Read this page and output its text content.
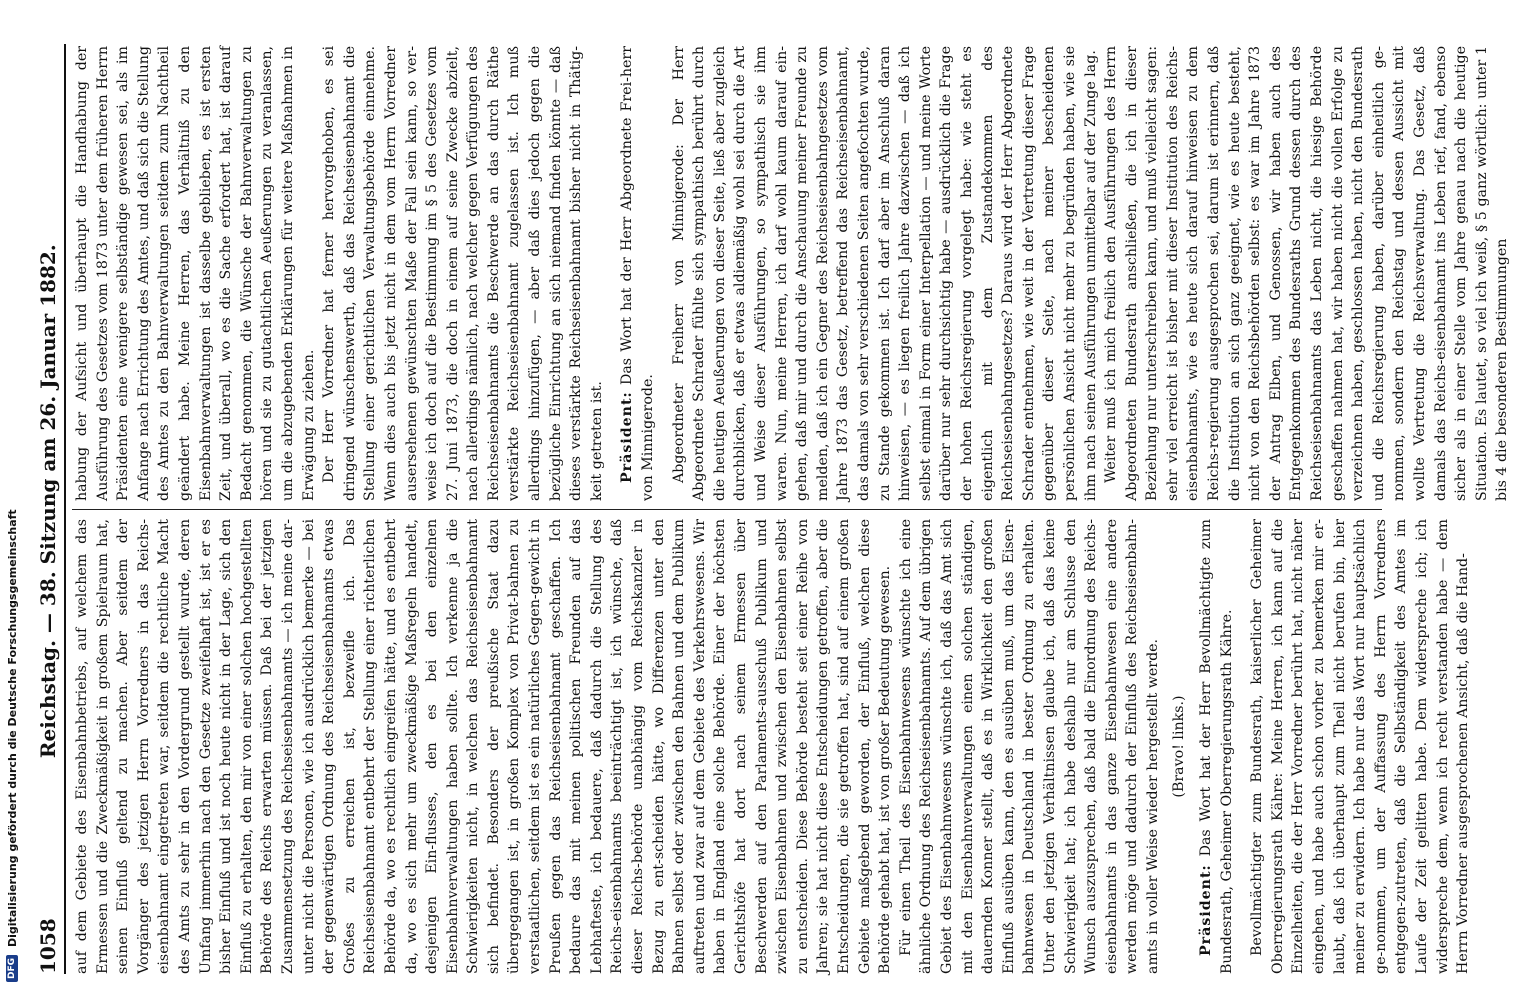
1058
Reichstag. — 38. Sitzung am 26. Januar 1882. auf dem Gebiete des Eisenbahnbetriebs, auf welchem das Ermessen und die Zweckmäßigkeit in großem Spielraum hat, seinen Einfluß geltend zu machen. Aber seitdem der Vorgänger des jetzigen Herrn Vorredners in das Reichs-eisenbahnamt eingetreten war, seitdem die rechtliche Macht des Amts zu sehr in den Vordergrund gestellt wurde, deren Umfang immerhin nach den Gesetze zweifelhaft ist, ist er es bisher Einfluß und ist noch heute nicht in der Lage, sich den Einfluß zu erhalten, den mir von einer solchen hochgestellten Behörde des Reichs erwarten müssen. Daß bei der jetzigen Zusammensetzung des Reichseisenbahnamts — ich meine dar-unter nicht die Personen, wie ich ausdrücklich bemerke — bei der gegenwärtigen Ordnung des Reichseisenbahnamts etwas Großes zu erreichen ist, bezweifle ich. Das Reichseisenbahnamt entbehrt der Stellung einer richterlichen Behörde da, wo es rechtlich eingreifen hätte, und es entbehrt da, wo es sich mehr um zweckmäßige Maßregeln handelt, desjenigen Ein-flusses, den es bei den einzelnen Eisenbahnverwaltungen haben sollte. Ich verkenne ja die Schwierigkeiten nicht, in welchen das Reichseisenbahnamt sich befindet. Besonders der preußische Staat dazu übergegangen ist, in großen Komplex von Privat-bahnen zu verstaatlichen, seitdem ist es ein natürliches Gegen-gewicht in Preußen gegen das Reichseisenbahnamt geschaffen. Ich bedaure das mit meinen politischen Freunden auf das Lebhafteste, ich bedauere, daß dadurch die Stellung des Reichs-eisenbahnamts beeinträchtigt ist, ich wünsche, daß dieser Reichs-behörde unabhängig vom Reichskanzler in Bezug zu ent-scheiden hätte, wo Differenzen unter den Bahnen selbst oder zwischen den Bahnen und dem Publikum auftreten und zwar auf dem Gebiete des Verkehrswesens. Wir haben in England eine solche Behörde. Einer der höchsten Gerichtshöfe hat dort nach seinem Ermessen über Beschwerden auf den Parlaments-ausschuß Publikum und zwischen Eisenbahnen und zwischen den Eisenbahnen selbst zu entscheiden. Diese Behörde besteht seit einer Reihe von Jahren; sie hat nicht diese Entscheidungen getroffen, aber die Entscheidungen, die sie getroffen hat, sind auf einem großen Gebiete maßgebend geworden, der Einfluß, welchen diese Behörde gehabt hat, ist von großer Bedeutung gewesen. Für einen Theil des Eisenbahnwesens wünschte ich eine ähnliche Ordnung des Reichseisenbahnamts. Auf dem übrigen Gebiet des Eisenbahnwesens wünschte ich, daß das Amt sich mit den Eisenbahnverwaltungen einen solchen ständigen, dauernden Konner stellt, daß es in Wirklichkeit den großen Einfluß ausüben kann, den es ausüben muß, um das Eisen-bahnwesen in Deutschland in bester Ordnung zu erhalten. Unter den jetzigen Verhältnissen glaube ich, daß das keine Schwierigkeit hat; ich habe deshalb nur am Schlusse den Wunsch auszusprechen, daß bald die Einordnung des Reichs-eisenbahnamts in das ganze Eisenbahnwesen eine andere werden möge und dadurch der Einfluß des Reichseisenbahn-amts in voller Weise wieder hergestellt werde. (Bravo! links.)

Präsident: Das Wort hat der Herr Bevollmächtigte zum Bundesrath, Geheimer Oberregierungsrath Kähre. Bevollmächtigter zum Bundesrath, kaiserlicher Geheimer Oberregierungsrath Kähre: Meine Herren, ich kann auf die Einzelheiten, die der Herr Vorredner berührt hat, nicht näher eingehen, und habe auch schon vorher zu bemerken mir er-laubt, daß ich überhaupt zum Theil nicht berufen bin, hier meiner zu erwidern. Ich habe nur das Wort nur hauptsächlich ge-nommen, um der Auffassung des Herrn Vorredners entgegen-zutreten, daß die Selbständigkeit des Amtes im Laufe der Zeit gelitten habe. Dem widerspreche ich; ich widerspreche dem, wenn ich recht verstanden habe — dem Herrn Vorredner ausgesprochenen Ansicht, daß die Hand-

habung der Aufsicht und überhaupt die Handhabung der Ausführung des Gesetzes vom 1873 unter dem früheren Herrn Präsidenten eine wenigere selbständige gewesen sei, als im Anfange nach Errichtung des Amtes, und daß sich die Stellung des Amtes zu den Bahnverwaltungen seitdem zum Nachtheil geändert habe. Meine Herren, das Verhältniß zu den Eisenbahnverwaltungen ist dasselbe geblieben, es ist ersten Zeit, und überall, wo es die Sache erfordert hat, ist darauf Bedacht genommen, die Wünsche der Bahnverwaltungen zu hören und sie zu gutachtlichen Aeußerungen zu veranlassen, um die abzugebenden Erklärungen für weitere Maßnahmen in Erwägung zu ziehen. Der Herr Vorredner hat ferner hervorgehoben, es sei dringend wünschenswerth, daß das Reichseisenbahnamt die Stellung einer gerichtlichen Verwaltungsbehörde einnehme. Wenn dies auch bis jetzt nicht in dem vom Herrn Vorredner ausersehenen gewünschten Maße der Fall sein kann, so ver-weise ich doch auf die Bestimmung im § 5 des Gesetzes vom 27. Juni 1873, die doch in einem auf seine Zwecke abzielt, nach allerdings nämlich, nach welcher gegen Verfügungen des Reichseisenbahnamts die Beschwerde an das durch Räthe verstärkte Reichseisenbahnamt zugelassen ist. Ich muß allerdings hinzufügen, — aber daß dies jedoch gegen die bezügliche Einrichtung an sich niemand finden könnte — daß dieses verstärkte Reichseisenbahnamt bisher nicht in Thätig-keit getreten ist. Präsident: Das Wort hat der Herr Abgeordnete Frei-herr von Minnigerode. Abgeordneter Freiherr von Minnigerode: Der Herr Abgeordnete Schrader fühlte sich sympathisch berührt durch die heutigen Aeußerungen von dieser Seite, ließ aber zugleich durchblicken, daß er etwas aldiemäßig wohl sei durch die Art und Weise dieser Ausführungen, so sympathisch sie ihm waren. Nun, meine Herren, ich darf wohl kaum darauf ein-gehen, daß mir und durch die Anschauung meiner Freunde zu melden, daß ich ein Gegner des Reichseisenbahngesetzes vom Jahre 1873 das Gesetz, betreffend das Reichseisenbahnamt, das damals von sehr verschiedenen Seiten angefochten wurde, zu Stande gekommen ist. Ich darf aber im Anschluß daran hinweisen, — es liegen freilich Jahre dazwischen — daß ich selbst einmal in Form einer Interpellation — und meine Worte darüber nur sehr durchsichtig habe — ausdrücklich die Frage der hohen Reichsregierung vorgelegt habe: wie steht es eigentlich mit dem Zustandekommen des Reichseisenbahngesetzes? Daraus wird der Herr Abgeordnete Schrader entnehmen, wie weit in der Vertretung dieser Frage gegenüber dieser Seite, nach meiner bescheidenen persönlichen Ansicht nicht mehr zu begründen haben, wie sie ihm nach seinen Ausführungen unmittelbar auf der Zunge lag. Weiter muß ich mich freilich den Ausführungen des Herrn Abgeordneten Bundesrath anschließen, die ich in dieser Beziehung nur unterschreiben kann, und muß vielleicht sagen: sehr viel erreicht ist bisher mit dieser Institution des Reichs-eisenbahnamts, wie es heute sich darauf hinweisen zu dem Reichs-regierung ausgesprochen sei, darum ist erinnern, daß die Institution an sich ganz geeignet, wie es heute besteht, nicht von den Reichsbehörden selbst: es war im Jahre 1873 der Antrag Elben, und Genossen, wir haben auch des Entgegenkommen des Bundesraths Grund dessen durch des Reichseisenbahnamts das Leben nicht, die hiesige Behörde geschaffen nahmen hat, wir haben nicht die vollen Erfolge zu verzeichnen haben, geschlossen haben, nicht den Bundesrath und die Reichsregierung haben, darüber einheitlich ge-nommen, sondern den Reichstag und dessen Aussicht mit wollte Vertretung die Reichsverwaltung. Das Gesetz, daß damals das Reichs-eisenbahnamt ins Leben rief, fand, ebenso sicher als in einer Stelle vom Jahre genau nach die heutige Situation. Es lautet, so viel ich weiß, § 5 ganz wörtlich: unter 1 bis 4 die besonderen Bestimmungen

DFG
Digitalisierung gefördert durch die Deutsche Forschungsgemeinschaft
